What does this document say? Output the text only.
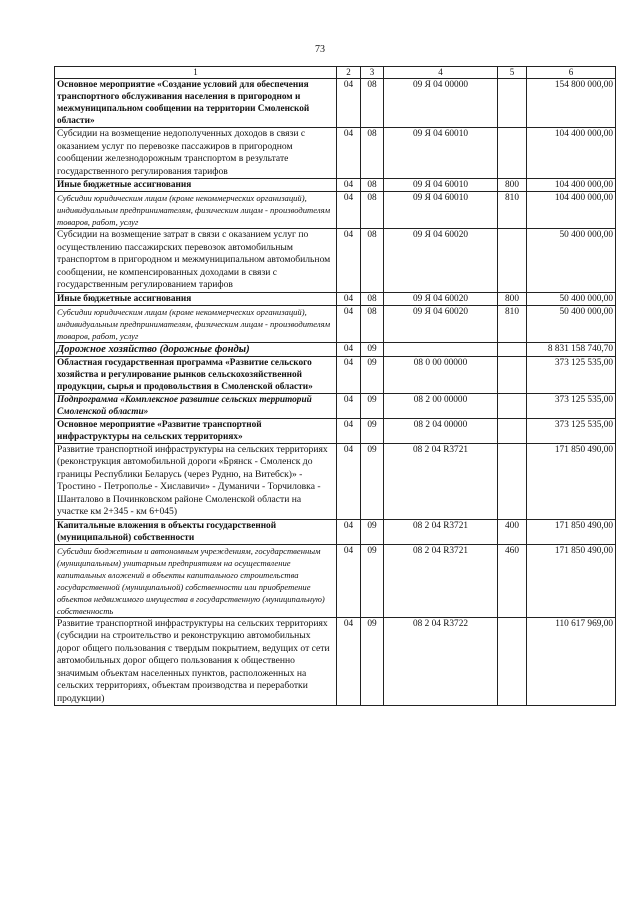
73
1	2	3	4	5	6
Основное мероприятие «Создание условий для обеспечения транспортного обслуживания населения в пригородном и межмуниципальном сообщении на территории Смоленской области»	04	08	09 Я 04 00000		154 800 000,00
Субсидии на возмещение недополученных доходов в связи с оказанием услуг по перевозке пассажиров в пригородном сообщении железнодорожным транспортом в результате государственного регулирования тарифов	04	08	09 Я 04 60010		104 400 000,00
Иные бюджетные ассигнования	04	08	09 Я 04 60010	800	104 400 000,00
Субсидии юридическим лицам (кроме некоммерческих организаций), индивидуальным предпринимателям, физическим лицам - производителям товаров, работ, услуг	04	08	09 Я 04 60010	810	104 400 000,00
Субсидии на возмещение затрат в связи с оказанием услуг по осуществлению пассажирских перевозок автомобильным транспортом в пригородном и межмуниципальном автомобильном сообщении, не компенсированных доходами в связи с государственным регулированием тарифов	04	08	09 Я 04 60020		50 400 000,00
Иные бюджетные ассигнования	04	08	09 Я 04 60020	800	50 400 000,00
Субсидии юридическим лицам (кроме некоммерческих организаций), индивидуальным предпринимателям, физическим лицам - производителям товаров, работ, услуг	04	08	09 Я 04 60020	810	50 400 000,00
Дорожное хозяйство (дорожные фонды)	04	09			8 831 158 740,70
Областная государственная программа «Развитие сельского хозяйства и регулирование рынков сельскохозяйственной продукции, сырья и продовольствия в Смоленской области»	04	09	08 0 00 00000		373 125 535,00
Подпрограмма «Комплексное развитие сельских территорий Смоленской области»	04	09	08 2 00 00000		373 125 535,00
Основное мероприятие «Развитие транспортной инфраструктуры на сельских территориях»	04	09	08 2 04 00000		373 125 535,00
Развитие транспортной инфраструктуры на сельских территориях (реконструкция автомобильной дороги «Брянск - Смоленск до границы Республики Беларусь (через Рудню, на Витебск)» - Тростино - Петрополье - Хиславичи» - Думаничи - Торчиловка - Шанталово в Починковском районе Смоленской области на участке км 2+345 - км 6+045)	04	09	08 2 04 R3721		171 850 490,00
Капитальные вложения в объекты государственной (муниципальной) собственности	04	09	08 2 04 R3721	400	171 850 490,00
Субсидии бюджетным и автономным учреждениям, государственным (муниципальным) унитарным предприятиям на осуществление капитальных вложений в объекты капитального строительства государственной (муниципальной) собственности или приобретение объектов недвижимого имущества в государственную (муниципальную) собственность	04	09	08 2 04 R3721	460	171 850 490,00
Развитие транспортной инфраструктуры на сельских территориях (субсидии на строительство и реконструкцию автомобильных дорог общего пользования с твердым покрытием, ведущих от сети автомобильных дорог общего пользования к общественно значимым объектам населенных пунктов, расположенных на сельских территориях, объектам производства и переработки продукции)	04	09	08 2 04 R3722		110 617 969,00
